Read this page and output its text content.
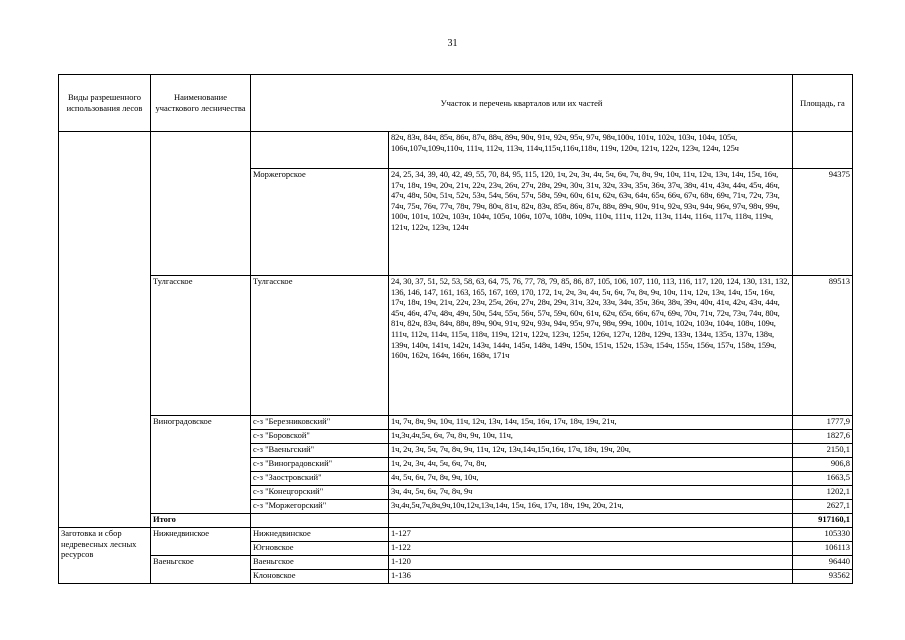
31
Виды разрешенного использования лесов	Наименование участкового лесничества	Участок и перечень кварталов или их частей		Площадь, га
			82ч, 83ч, 84ч, 85ч, 86ч, 87ч, 88ч, 89ч, 90ч, 91ч, 92ч, 95ч, 97ч, 98ч,100ч, 101ч, 102ч, 103ч, 104ч, 105ч, 106ч,107ч,109ч,110ч, 111ч, 112ч, 113ч, 114ч,115ч,116ч,118ч, 119ч, 120ч, 121ч, 122ч, 123ч, 124ч, 125ч	
		Моржегорское	24, 25, 34, 39, 40, 42, 49, 55, 70, 84, 95, 115, 120, 1ч, 2ч, 3ч, 4ч, 5ч, 6ч, 7ч, 8ч, 9ч, 10ч, 11ч, 12ч, 13ч, 14ч, 15ч, 16ч, 17ч, 18ч, 19ч, 20ч, 21ч, 22ч, 23ч, 26ч, 27ч, 28ч, 29ч, 30ч, 31ч, 32ч, 33ч, 35ч, 36ч, 37ч, 38ч, 41ч, 43ч, 44ч, 45ч, 46ч, 47ч, 48ч, 50ч, 51ч, 52ч, 53ч, 54ч, 56ч, 57ч, 58ч, 59ч, 60ч, 61ч, 62ч, 63ч, 64ч, 65ч, 66ч, 67ч, 68ч, 69ч, 71ч, 72ч, 73ч, 74ч, 75ч, 76ч, 77ч, 78ч, 79ч, 80ч, 81ч, 82ч, 83ч, 85ч, 86ч, 87ч, 88ч, 89ч, 90ч, 91ч, 92ч, 93ч, 94ч, 96ч, 97ч, 98ч, 99ч, 100ч, 101ч, 102ч, 103ч, 104ч, 105ч, 106ч, 107ч, 108ч, 109ч, 110ч, 111ч, 112ч, 113ч, 114ч, 116ч, 117ч, 118ч, 119ч, 121ч, 122ч, 123ч, 124ч	94375
	Тулгасское	Тулгасское	24, 30, 37, 51, 52, 53, 58, 63, 64, 75, 76, 77, 78, 79, 85, 86, 87, 105, 106, 107, 110, 113, 116, 117, 120, 124, 130, 131, 132, 136, 146, 147, 161, 163, 165, 167, 169, 170, 172, 1ч, 2ч, 3ч, 4ч, 5ч, 6ч, 7ч, 8ч, 9ч, 10ч, 11ч, 12ч, 13ч, 14ч, 15ч, 16ч, 17ч, 18ч, 19ч, 21ч, 22ч, 23ч, 25ч, 26ч, 27ч, 28ч, 29ч, 31ч, 32ч, 33ч, 34ч, 35ч, 36ч, 38ч, 39ч, 40ч, 41ч, 42ч, 43ч, 44ч, 45ч, 46ч, 47ч, 48ч, 49ч, 50ч, 54ч, 55ч, 56ч, 57ч, 59ч, 60ч, 61ч, 62ч, 65ч, 66ч, 67ч, 69ч, 70ч, 71ч, 72ч, 73ч, 74ч, 80ч, 81ч, 82ч, 83ч, 84ч, 88ч, 89ч, 90ч, 91ч, 92ч, 93ч, 94ч, 95ч, 97ч, 98ч, 99ч, 100ч, 101ч, 102ч, 103ч, 104ч, 108ч, 109ч, 111ч, 112ч, 114ч, 115ч, 118ч, 119ч, 121ч, 122ч, 123ч, 125ч, 126ч, 127ч, 128ч, 129ч, 133ч, 134ч, 135ч, 137ч, 138ч, 139ч, 140ч, 141ч, 142ч, 143ч, 144ч, 145ч, 148ч, 149ч, 150ч, 151ч, 152ч, 153ч, 154ч, 155ч, 156ч, 157ч, 158ч, 159ч, 160ч, 162ч, 164ч, 166ч, 168ч, 171ч	89513
	Виноградовское	с-з "Березниковский"	1ч, 7ч, 8ч, 9ч, 10ч, 11ч, 12ч, 13ч, 14ч, 15ч, 16ч, 17ч, 18ч, 19ч, 21ч,	1777,9
		с-з "Боровской"	1ч,3ч,4ч,5ч, 6ч, 7ч, 8ч, 9ч, 10ч, 11ч,	1827,6
		с-з "Ваеньгский"	1ч, 2ч, 3ч, 5ч, 7ч, 8ч, 9ч, 11ч, 12ч, 13ч,14ч,15ч,16ч, 17ч, 18ч, 19ч, 20ч,	2150,1
		с-з "Виноградовский"	1ч, 2ч, 3ч, 4ч, 5ч, 6ч, 7ч, 8ч,	906,8
		с-з "Заостровский"	4ч, 5ч, 6ч, 7ч, 8ч, 9ч, 10ч,	1663,5
		с-з "Конецгорский"	3ч, 4ч, 5ч, 6ч, 7ч, 8ч, 9ч	1202,1
		с-з "Моржегорский"	3ч,4ч,5ч,7ч,8ч,9ч,10ч,12ч,13ч,14ч, 15ч, 16ч, 17ч, 18ч, 19ч, 20ч, 21ч,	2627,1
	Итого			917160,1
Заготовка и сбор недревесных лесных ресурсов	Нижнедвинское	Нижнедвинское	1-127	105330
		Югновское	1-122	106113
	Ваеньгское	Ваеньгское	1-120	96440
		Клоновское	1-136	93562
